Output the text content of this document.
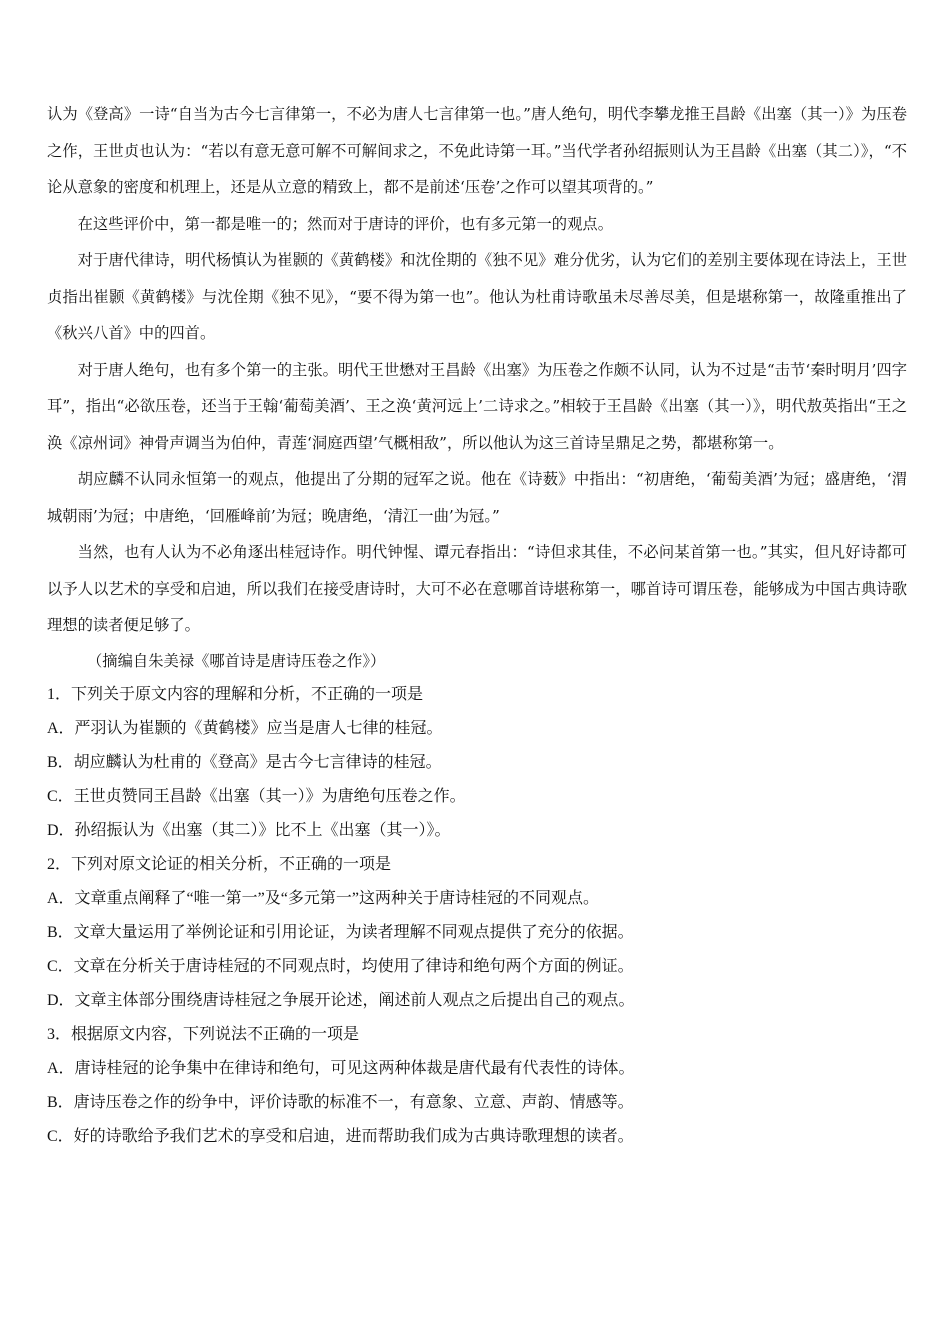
认为《登高》一诗“自当为古今七言律第一，不必为唐人七言律第一也。”唐人绝句，明代李攀龙推王昌龄《出塞（其一）》为压卷之作，王世贞也认为：“若以有意无意可解不可解间求之，不免此诗第一耳。”当代学者孙绍振则认为王昌龄《出塞（其二）》，“不论从意象的密度和机理上，还是从立意的精致上，都不是前述‘压卷’之作可以望其项背的。”

在这些评价中，第一都是唯一的；然而对于唐诗的评价，也有多元第一的观点。

对于唐代律诗，明代杨慎认为崔颢的《黄鹤楼》和沈佺期的《独不见》难分优劣，认为它们的差别主要体现在诗法上，王世贞指出崔颢《黄鹤楼》与沈佺期《独不见》，“要不得为第一也”。他认为杜甫诗歌虽未尽善尽美，但是堪称第一，故隆重推出了《秋兴八首》中的四首。

对于唐人绝句，也有多个第一的主张。明代王世懋对王昌龄《出塞》为压卷之作颇不认同，认为不过是“击节‘秦时明月’四字耳”，指出“必欲压卷，还当于王翰‘葡萄美酒’、王之涣‘黄河远上’二诗求之。”相较于王昌龄《出塞（其一）》，明代敖英指出“王之涣《凉州词》神骨声调当为伯仲，青莲‘洞庭西望’气概相敌”，所以他认为这三首诗呈鼎足之势，都堪称第一。

胡应麟不认同永恒第一的观点，他提出了分期的冠军之说。他在《诗薮》中指出：“初唐绝，‘葡萄美酒’为冠；盛唐绝，‘渭城朝雨’为冠；中唐绝，‘回雁峰前’为冠；晚唐绝，‘清江一曲’为冠。”

当然，也有人认为不必角逐出桂冠诗作。明代钟惺、谭元春指出：“诗但求其佳，不必问某首第一也。”其实，但凡好诗都可以予人以艺术的享受和启迪，所以我们在接受唐诗时，大可不必在意哪首诗堪称第一，哪首诗可谓压卷，能够成为中国古典诗歌理想的读者便足够了。

（摘编自朱美禄《哪首诗是唐诗压卷之作》）

1．下列关于原文内容的理解和分析，不正确的一项是

A．严羽认为崔颢的《黄鹤楼》应当是唐人七律的桂冠。

B．胡应麟认为杜甫的《登高》是古今七言律诗的桂冠。

C．王世贞赞同王昌龄《出塞（其一）》为唐绝句压卷之作。

D．孙绍振认为《出塞（其二）》比不上《出塞（其一）》。

2．下列对原文论证的相关分析，不正确的一项是

A．文章重点阐释了“唯一第一”及“多元第一”这两种关于唐诗桂冠的不同观点。

B．文章大量运用了举例论证和引用论证，为读者理解不同观点提供了充分的依据。

C．文章在分析关于唐诗桂冠的不同观点时，均使用了律诗和绝句两个方面的例证。

D．文章主体部分围绕唐诗桂冠之争展开论述，阐述前人观点之后提出自己的观点。

3．根据原文内容，下列说法不正确的一项是

A．唐诗桂冠的论争集中在律诗和绝句，可见这两种体裁是唐代最有代表性的诗体。

B．唐诗压卷之作的纷争中，评价诗歌的标准不一，有意象、立意、声韵、情感等。

C．好的诗歌给予我们艺术的享受和启迪，进而帮助我们成为古典诗歌理想的读者。
